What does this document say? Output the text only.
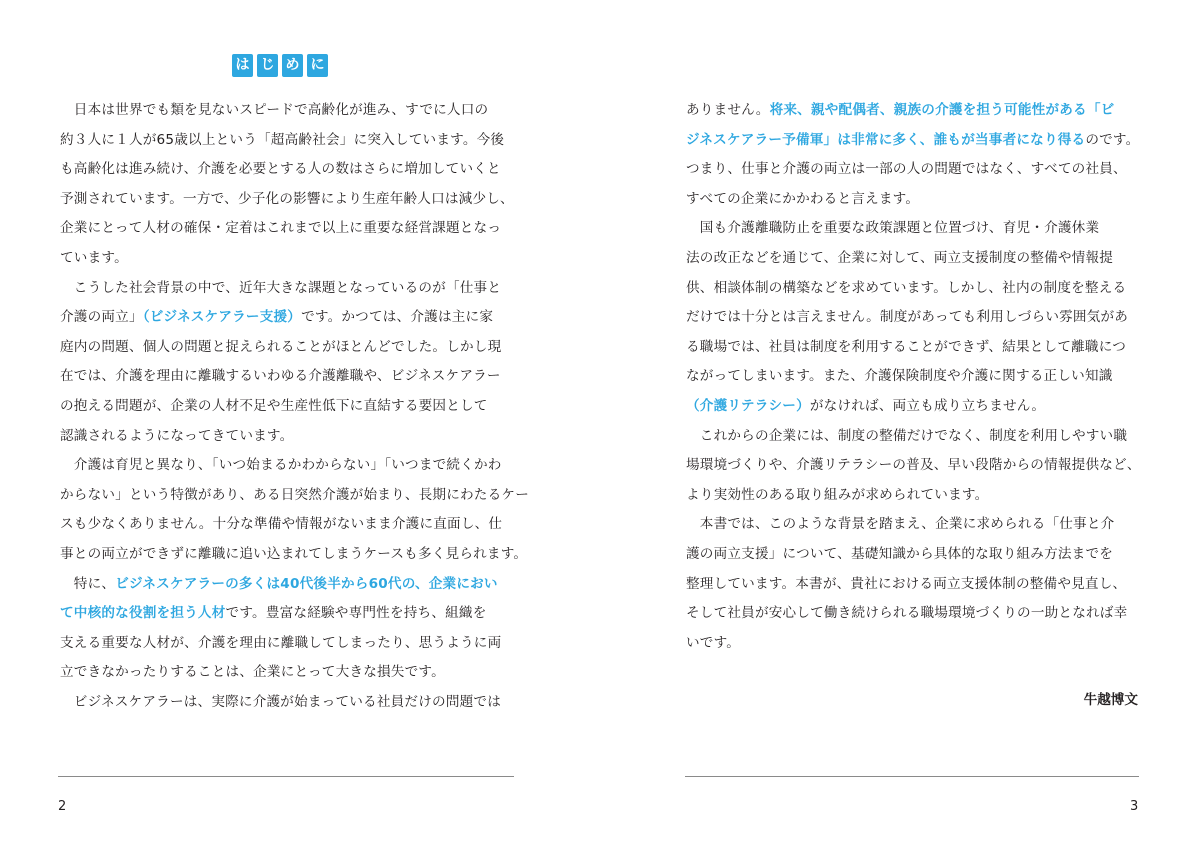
は じ め に
　日本は世界でも類を見ないスピードで高齢化が進み、すでに人口の
約３人に１人が65歳以上という「超高齢社会」に突入しています。今後
も高齢化は進み続け、介護を必要とする人の数はさらに増加していくと
予測されています。一方で、少子化の影響により生産年齢人口は減少し、
企業にとって人材の確保・定着はこれまで以上に重要な経営課題となっ
ています。
　こうした社会背景の中で、近年大きな課題となっているのが「仕事と
介護の両立」（ビジネスケアラー支援）です。かつては、介護は主に家
庭内の問題、個人の問題と捉えられることがほとんどでした。しかし現
在では、介護を理由に離職するいわゆる介護離職や、ビジネスケアラー
の抱える問題が、企業の人材不足や生産性低下に直結する要因として
認識されるようになってきています。
　介護は育児と異なり、「いつ始まるかわからない」「いつまで続くかわ
からない」という特徴があり、ある日突然介護が始まり、長期にわたるケー
スも少なくありません。十分な準備や情報がないまま介護に直面し、仕
事との両立ができずに離職に追い込まれてしまうケースも多く見られます。
　特に、ビジネスケアラーの多くは40代後半から60代の、企業におい
て中核的な役割を担う人材です。豊富な経験や専門性を持ち、組織を
支える重要な人材が、介護を理由に離職してしまったり、思うように両
立できなかったりすることは、企業にとって大きな損失です。
　ビジネスケアラーは、実際に介護が始まっている社員だけの問題では
2
ありません。将来、親や配偶者、親族の介護を担う可能性がある「ビ
ジネスケアラー予備軍」は非常に多く、誰もが当事者になり得るのです。
つまり、仕事と介護の両立は一部の人の問題ではなく、すべての社員、
すべての企業にかかわると言えます。
　国も介護離職防止を重要な政策課題と位置づけ、育児・介護休業
法の改正などを通じて、企業に対して、両立支援制度の整備や情報提
供、相談体制の構築などを求めています。しかし、社内の制度を整える
だけでは十分とは言えません。制度があっても利用しづらい雰囲気があ
る職場では、社員は制度を利用することができず、結果として離職につ
ながってしまいます。また、介護保険制度や介護に関する正しい知識
（介護リテラシー）がなければ、両立も成り立ちません。
　これからの企業には、制度の整備だけでなく、制度を利用しやすい職
場環境づくりや、介護リテラシーの普及、早い段階からの情報提供など、
より実効性のある取り組みが求められています。
　本書では、このような背景を踏まえ、企業に求められる「仕事と介
護の両立支援」について、基礎知識から具体的な取り組み方法までを
整理しています。本書が、貴社における両立支援体制の整備や見直し、
そして社員が安心して働き続けられる職場環境づくりの一助となれば幸
いです。
牛越博文
3
